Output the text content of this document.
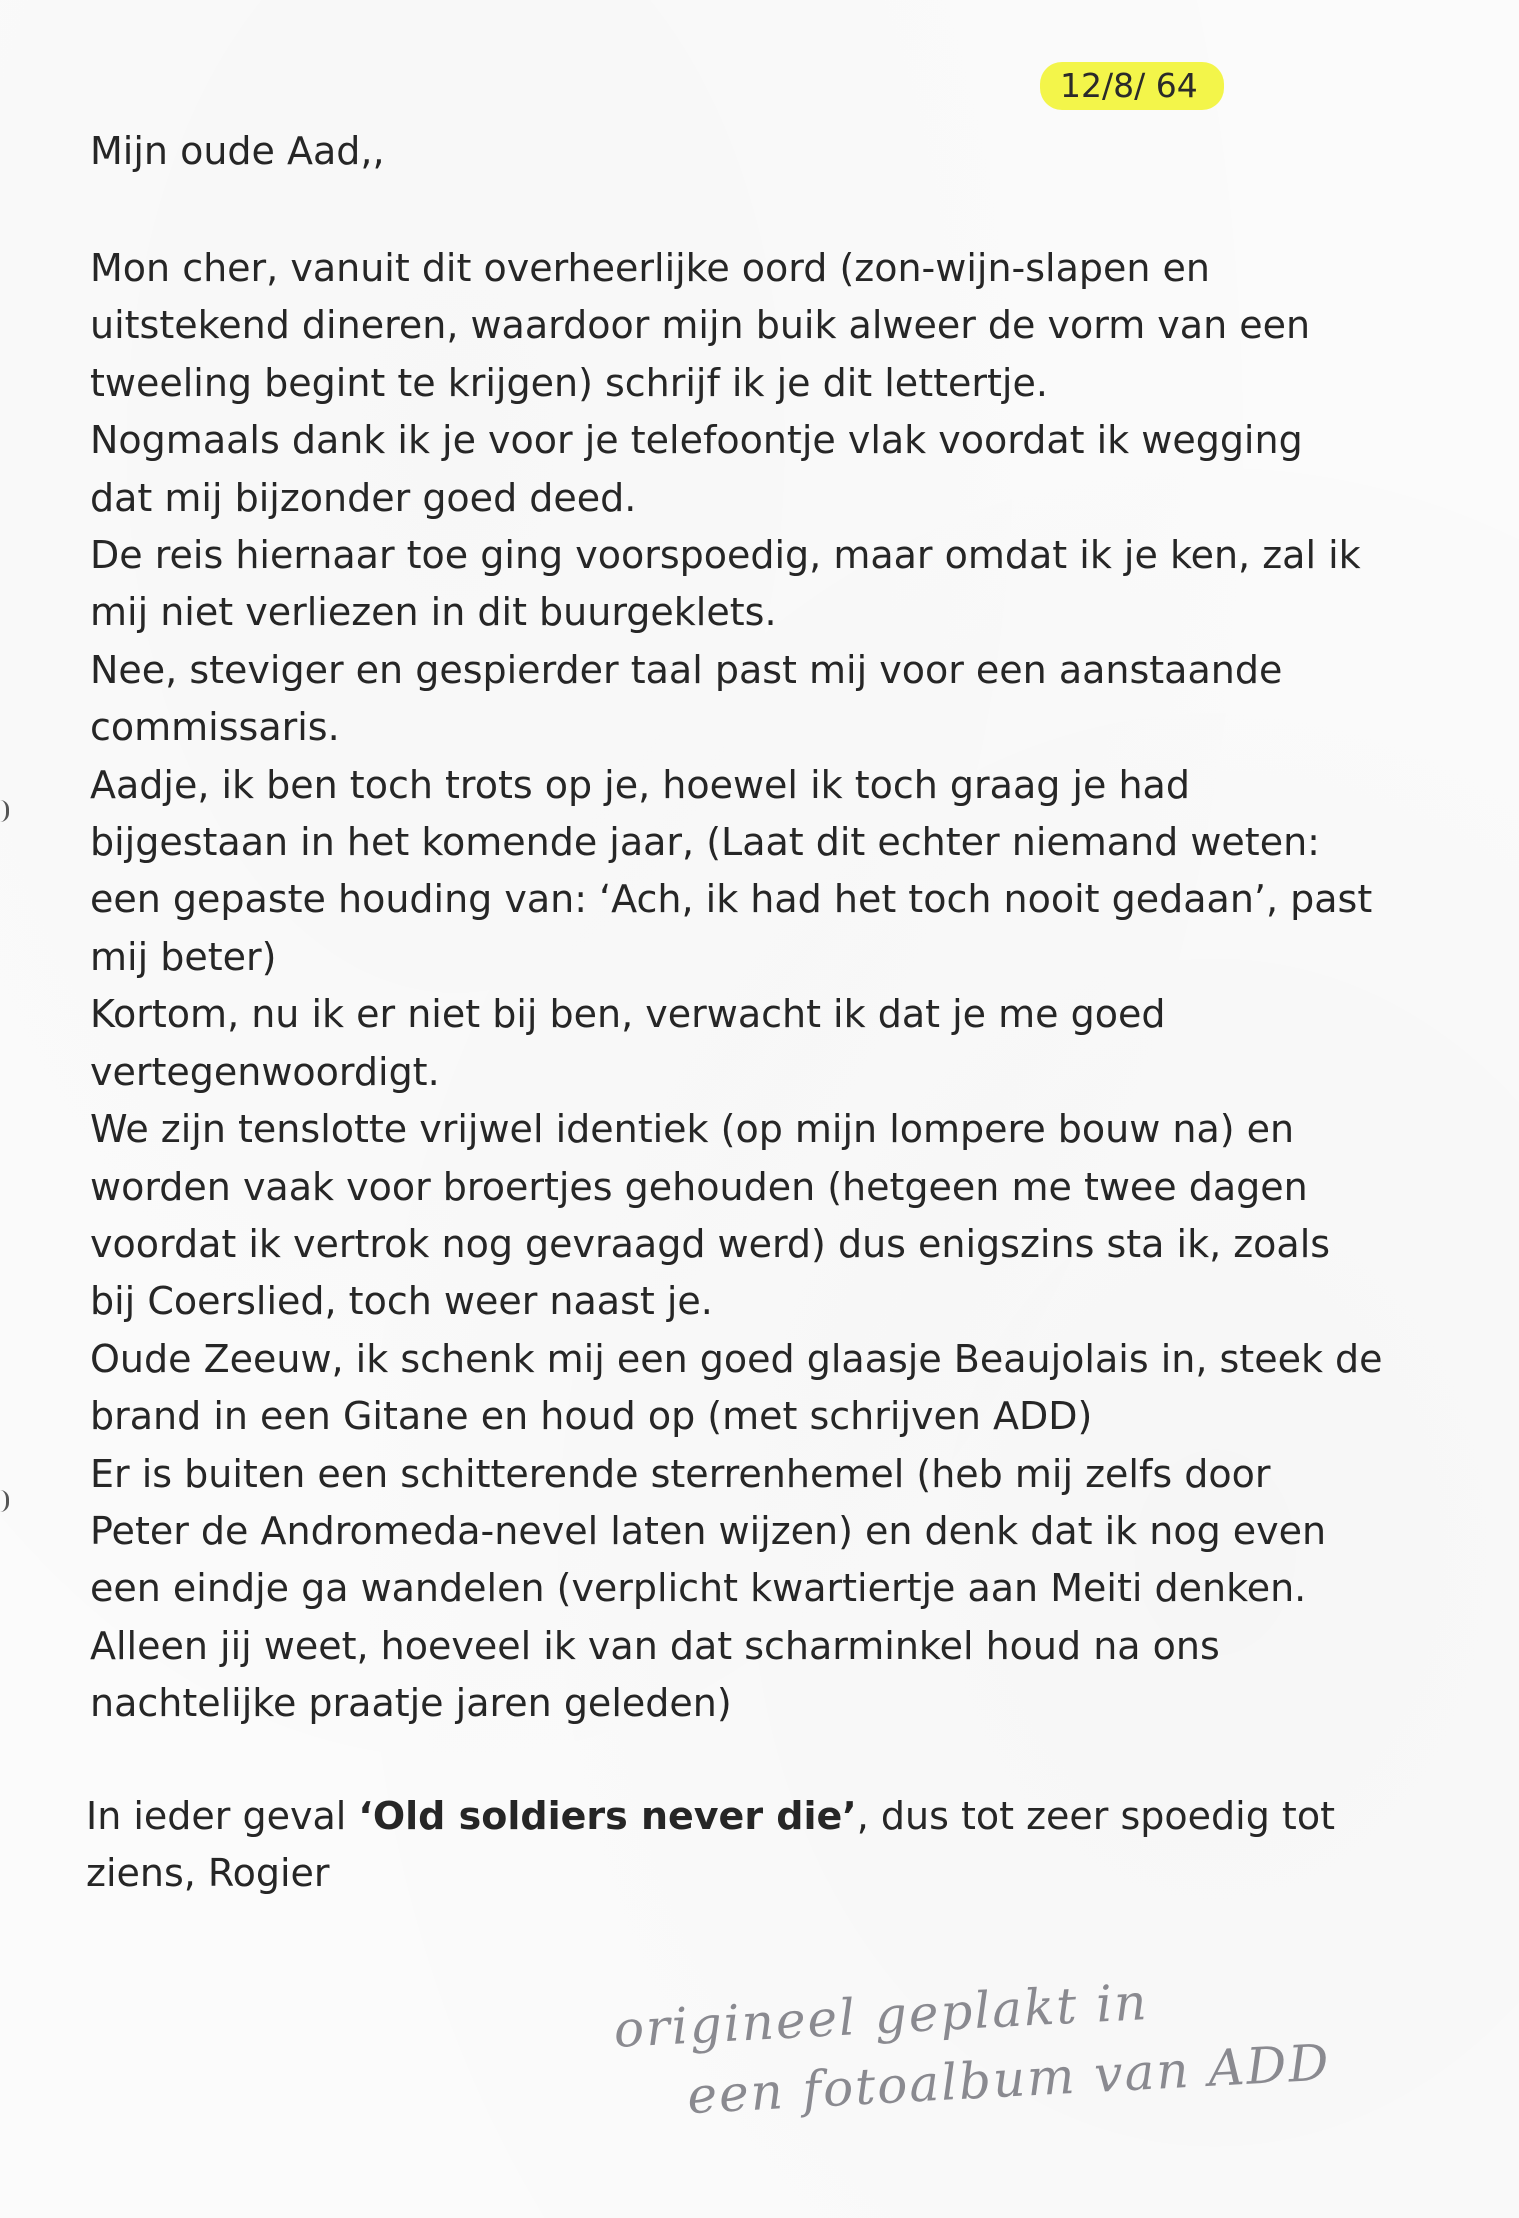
12/8/ 64
Mijn oude Aad,,
Mon cher, vanuit dit overheerlijke oord (zon-wijn-slapen en
uitstekend dineren, waardoor mijn buik alweer de vorm van een
tweeling begint te krijgen) schrijf ik je dit lettertje.
Nogmaals dank ik je voor je telefoontje vlak voordat ik wegging
dat mij bijzonder goed deed.
De reis hiernaar toe ging voorspoedig, maar omdat ik je ken, zal ik
mij niet verliezen in dit buurgeklets.
Nee, steviger en gespierder taal past mij voor een aanstaande
commissaris.
Aadje, ik ben toch trots op je, hoewel ik toch graag je had
bijgestaan in het komende jaar, (Laat dit echter niemand weten:
een gepaste houding van: ‘Ach, ik had het toch nooit gedaan’, past
mij beter)
Kortom, nu ik er niet bij ben, verwacht ik dat je me goed
vertegenwoordigt.
We zijn tenslotte vrijwel identiek (op mijn lompere bouw na) en
worden vaak voor broertjes gehouden (hetgeen me twee dagen
voordat ik vertrok nog gevraagd werd) dus enigszins sta ik, zoals
bij Coerslied, toch weer naast je.
Oude Zeeuw, ik schenk mij een goed glaasje Beaujolais in, steek de
brand in een Gitane en houd op (met schrijven ADD)
Er is buiten een schitterende sterrenhemel (heb mij zelfs door
Peter de Andromeda-nevel laten wijzen) en denk dat ik nog even
een eindje ga wandelen (verplicht kwartiertje aan Meiti denken.
Alleen jij weet, hoeveel ik van dat scharminkel houd na ons
nachtelijke praatje jaren geleden)
In ieder geval ‘Old soldiers never die’, dus tot zeer spoedig tot
ziens, Rogier
origineel geplakt in
een fotoalbum van ADD
